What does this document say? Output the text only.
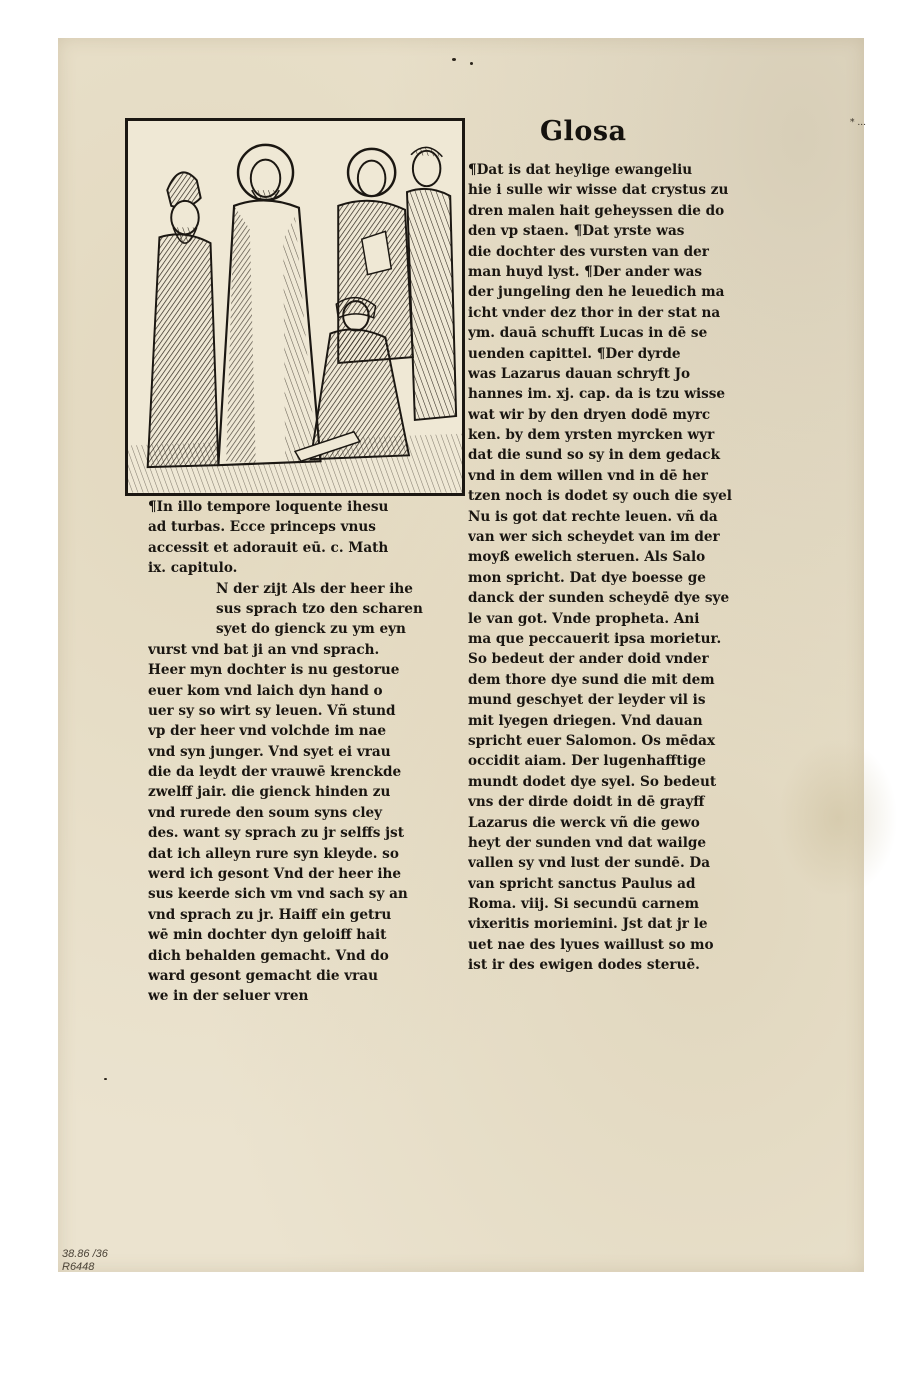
Glosa	* ...
¶Dat is dat heylige ewangeliu
hie i sulle wir wisse dat crystus zu
dren malen hait geheyssen die do
den vp staen. ¶Dat yrste was
die dochter des vursten van der
man huyd lyst. ¶Der ander was
der jungeling den he leuedich ma
icht vnder dez thor in der stat na
ym. dauā schufft Lucas in dē se
uenden capittel. ¶Der dyrde
was Lazarus dauan schryft Jo
hannes im. xj. cap. da is tzu wisse
wat wir by den dryen dodē myrc
ken. by dem yrsten myrcken wyr
dat die sund so sy in dem gedack
vnd in dem willen vnd in dē her
tzen noch is dodet sy ouch die syel
Nu is got dat rechte leuen. vñ da
van wer sich scheydet van im der
moyß ewelich steruen. Als Salo
mon spricht. Dat dye boesse ge
danck der sunden scheydē dye sye
le van got. Vnde propheta. Ani
ma que peccauerit ipsa morietur.
So bedeut der ander doid vnder
dem thore dye sund die mit dem
mund geschyet der leyder vil is
mit lyegen driegen. Vnd dauan
spricht euer Salomon. Os mēdax
occidit aiam. Der lugenhafftige
mundt dodet dye syel. So bedeut
vns der dirde doidt in dē grayff
Lazarus die werck vñ die gewo
heyt der sunden vnd dat wailge
vallen sy vnd lust der sundē. Da
van spricht sanctus Paulus ad
Roma. viij. Si secundū carnem
vixeritis moriemini. Jst dat jr le
uet nae des lyues waillust so mo
ist ir des ewigen dodes steruē.
¶In illo tempore loquente ihesu
ad turbas. Ecce princeps vnus
accessit et adorauit eū. c. Math
ix. capitulo.
N der zijt Als der heer ihe
sus sprach tzo den scharen
syet do gienck zu ym eyn
vurst vnd bat ji an vnd sprach.
Heer myn dochter is nu gestorue
euer kom vnd laich dyn hand o
uer sy so wirt sy leuen. Vñ stund
vp der heer vnd volchde im nae
vnd syn junger. Vnd syet ei vrau
die da leydt der vrauwē krenckde
zwelff jair. die gienck hinden zu
vnd rurede den soum syns cley
des. want sy sprach zu jr selffs jst
dat ich alleyn rure syn kleyde. so
werd ich gesont Vnd der heer ihe
sus keerde sich vm vnd sach sy an
vnd sprach zu jr. Haiff ein getru
wē min dochter dyn geloiff hait
dich behalden gemacht. Vnd do
ward gesont gemacht die vrau
we in der seluer vren
38.86 /36
R6448
